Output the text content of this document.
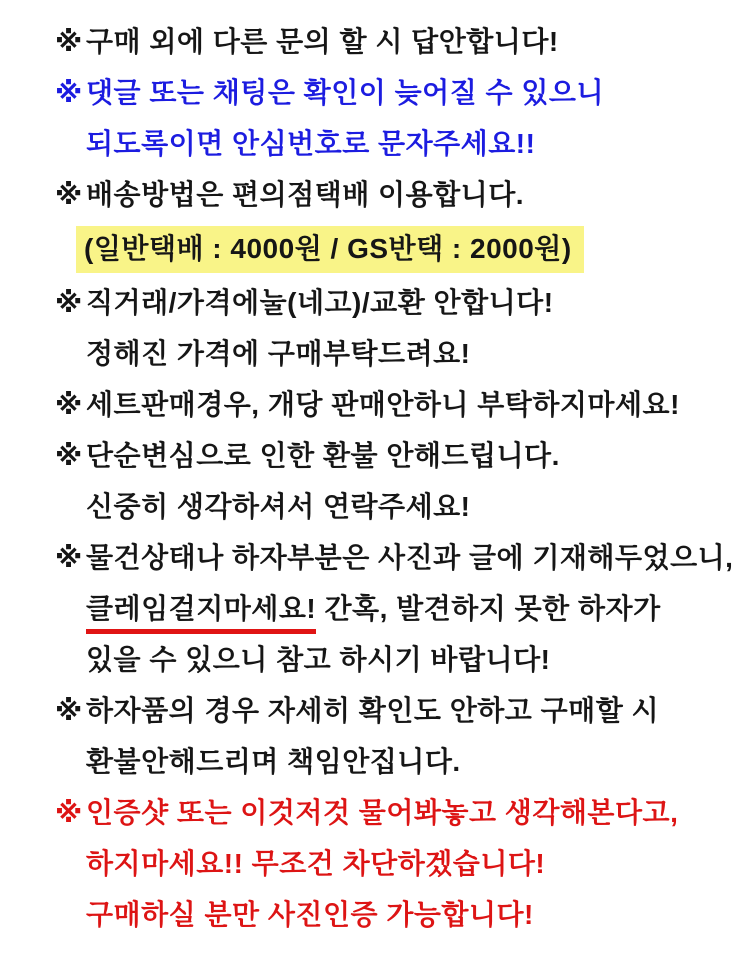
※ 구매 외에 다른 문의 할 시 답안합니다!
※ 댓글 또는 채팅은 확인이 늦어질 수 있으니
되도록이면 안심번호로 문자주세요!!
※ 배송방법은 편의점택배 이용합니다.
(일반택배 : 4000원 / GS반택 : 2000원)
※ 직거래/가격에눌(네고)/교환 안합니다!
정해진 가격에 구매부탁드려요!
※ 세트판매경우, 개당 판매안하니 부탁하지마세요!
※ 단순변심으로 인한 환불 안해드립니다.
신중히 생각하셔서 연락주세요!
※ 물건상태나 하자부분은 사진과 글에 기재해두었으니,
클레임걸지마세요! 간혹, 발견하지 못한 하자가
있을 수 있으니 참고 하시기 바랍니다!
※ 하자품의 경우 자세히 확인도 안하고 구매할 시
환불안해드리며 책임안집니다.
※ 인증샷 또는 이것저것 물어봐놓고 생각해본다고,
하지마세요!! 무조건 차단하겠습니다!
구매하실 분만 사진인증 가능합니다!
